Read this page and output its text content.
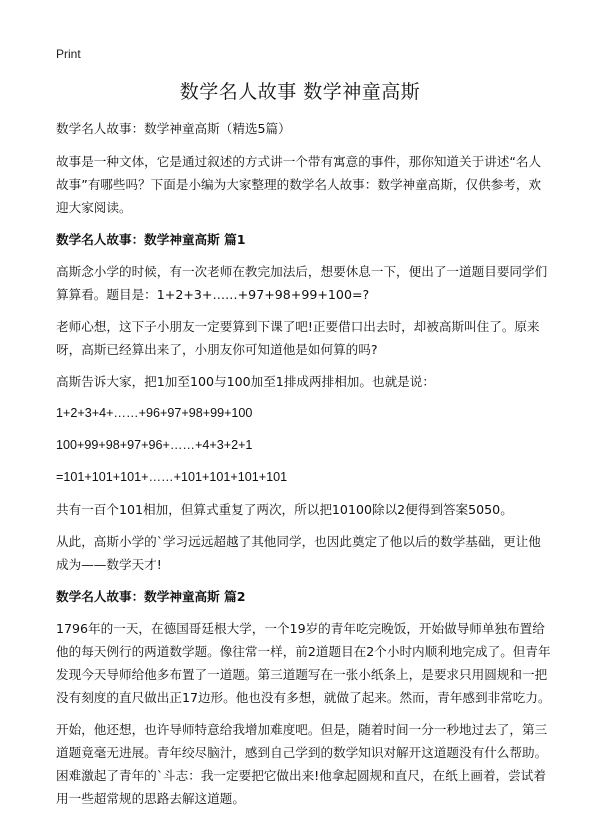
Print
数学名人故事 数学神童高斯

数学名人故事：数学神童高斯（精选5篇）

故事是一种文体，它是通过叙述的方式讲一个带有寓意的事件，那你知道关于讲述“名人故事”有哪些吗？下面是小编为大家整理的数学名人故事：数学神童高斯，仅供参考，欢迎大家阅读。

数学名人故事：数学神童高斯 篇1

高斯念小学的时候，有一次老师在教完加法后，想要休息一下，便出了一道题目要同学们算算看。题目是：1+2+3+……+97+98+99+100=?

老师心想，这下子小朋友一定要算到下课了吧!正要借口出去时，却被高斯叫住了。原来呀，高斯已经算出来了，小朋友你可知道他是如何算的吗?

高斯告诉大家，把1加至100与100加至1排成两排相加。也就是说：

1+2+3+4+……+96+97+98+99+100

100+99+98+97+96+……+4+3+2+1

=101+101+101+……+101+101+101+101

共有一百个101相加，但算式重复了两次，所以把10100除以2便得到答案5050。

从此，高斯小学的`学习远远超越了其他同学，也因此奠定了他以后的数学基础，更让他成为——数学天才!

数学名人故事：数学神童高斯 篇2

1796年的一天，在德国哥廷根大学，一个19岁的青年吃完晚饭，开始做导师单独布置给他的每天例行的两道数学题。像往常一样，前2道题目在2个小时内顺利地完成了。但青年发现今天导师给他多布置了一道题。第三道题写在一张小纸条上，是要求只用圆规和一把没有刻度的直尺做出正17边形。他也没有多想，就做了起来。然而，青年感到非常吃力。

开始，他还想，也许导师特意给我增加难度吧。但是，随着时间一分一秒地过去了，第三道题竟毫无进展。青年绞尽脑汁，感到自己学到的数学知识对解开这道题没有什么帮助。困难激起了青年的`斗志：我一定要把它做出来!他拿起圆规和直尺，在纸上画着，尝试着用一些超常规的思路去解这道题。
